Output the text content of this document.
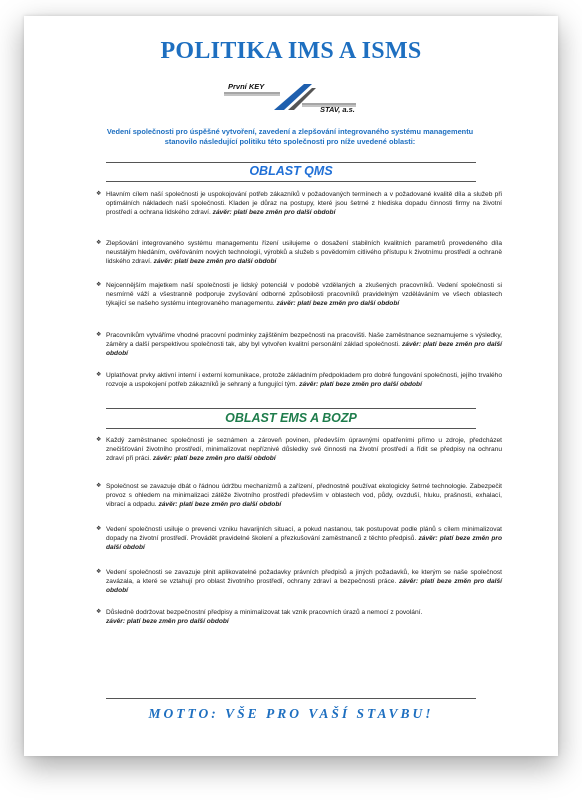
POLITIKA IMS A ISMS
První KEY
STAV, a.s.
Vedení společnosti pro úspěšné vytvoření, zavedení a zlepšování integrovaného systému managementu stanovilo následující politiku této společnosti pro níže uvedené oblasti:
OBLAST QMS
❖ Hlavním cílem naší společnosti je uspokojování potřeb zákazníků v požadovaných termínech a v požadované kvalitě díla a služeb při optimálních nákladech naší společnosti. Kladen je důraz na postupy, které jsou šetrné z hlediska dopadu činnosti firmy na životní prostředí a ochrana lidského zdraví. závěr: platí beze změn pro další období
❖ Zlepšování integrovaného systému managementu řízení usilujeme o dosažení stabilních kvalitních parametrů provedeného díla neustálým hledáním, ověřováním nových technologií, výrobků a služeb s povědomím citlivého přístupu k životnímu prostředí a ochraně lidského zdraví. závěr: platí beze změn pro další období
❖ Nejcennějším majetkem naší společnosti je lidský potenciál v podobě vzdělaných a zkušených pracovníků. Vedení společnosti si nesmírně váží a všestranně podporuje zvyšování odborné způsobilosti pracovníků pravidelným vzděláváním ve všech oblastech týkající se našeho systému integrovaného managementu. závěr: platí beze změn pro další období
❖ Pracovníkům vytváříme vhodné pracovní podmínky zajištěním bezpečnosti na pracovišti. Naše zaměstnance seznamujeme s výsledky, záměry a další perspektivou společnosti tak, aby byl vytvořen kvalitní personální základ společnosti. závěr: platí beze změn pro další období
❖ Uplatňovat prvky aktivní interní i externí komunikace, protože základním předpokladem pro dobré fungování společnosti, jejího trvalého rozvoje a uspokojení potřeb zákazníků je sehraný a fungující tým. závěr: platí beze změn pro další období
OBLAST EMS A BOZP
❖ Každý zaměstnanec společnosti je seznámen a zároveň povinen, především úpravnými opatřeními přímo u zdroje, předcházet znečišťování životního prostředí, minimalizovat nepříznivé důsledky své činnosti na životní prostředí a řídit se předpisy na ochranu zdraví při práci. závěr: platí beze změn pro další období
❖ Společnost se zavazuje dbát o řádnou údržbu mechanizmů a zařízení, přednostně používat ekologicky šetrné technologie. Zabezpečit provoz s ohledem na minimalizaci zátěže životního prostředí především v oblastech vod, půdy, ovzduší, hluku, prašnosti, exhalací, vibrací a odpadu. závěr: platí beze změn pro další období
❖ Vedení společnosti usiluje o prevenci vzniku havarijních situací, a pokud nastanou, tak postupovat podle plánů s cílem minimalizovat dopady na životní prostředí. Provádět pravidelné školení a přezkušování zaměstnanců z těchto předpisů. závěr: platí beze změn pro další období
❖ Vedení společnosti se zavazuje plnit aplikovatelné požadavky právních předpisů a jiných požadavků, ke kterým se naše společnost zavázala, a které se vztahují pro oblast životního prostředí, ochrany zdraví a bezpečnosti práce. závěr: platí beze změn pro další období
❖ Důsledně dodržovat bezpečnostní předpisy a minimalizovat tak vznik pracovních úrazů a nemocí z povolání.
závěr: platí beze změn pro další období
MOTTO: VŠE PRO VAŠÍ STAVBU!
